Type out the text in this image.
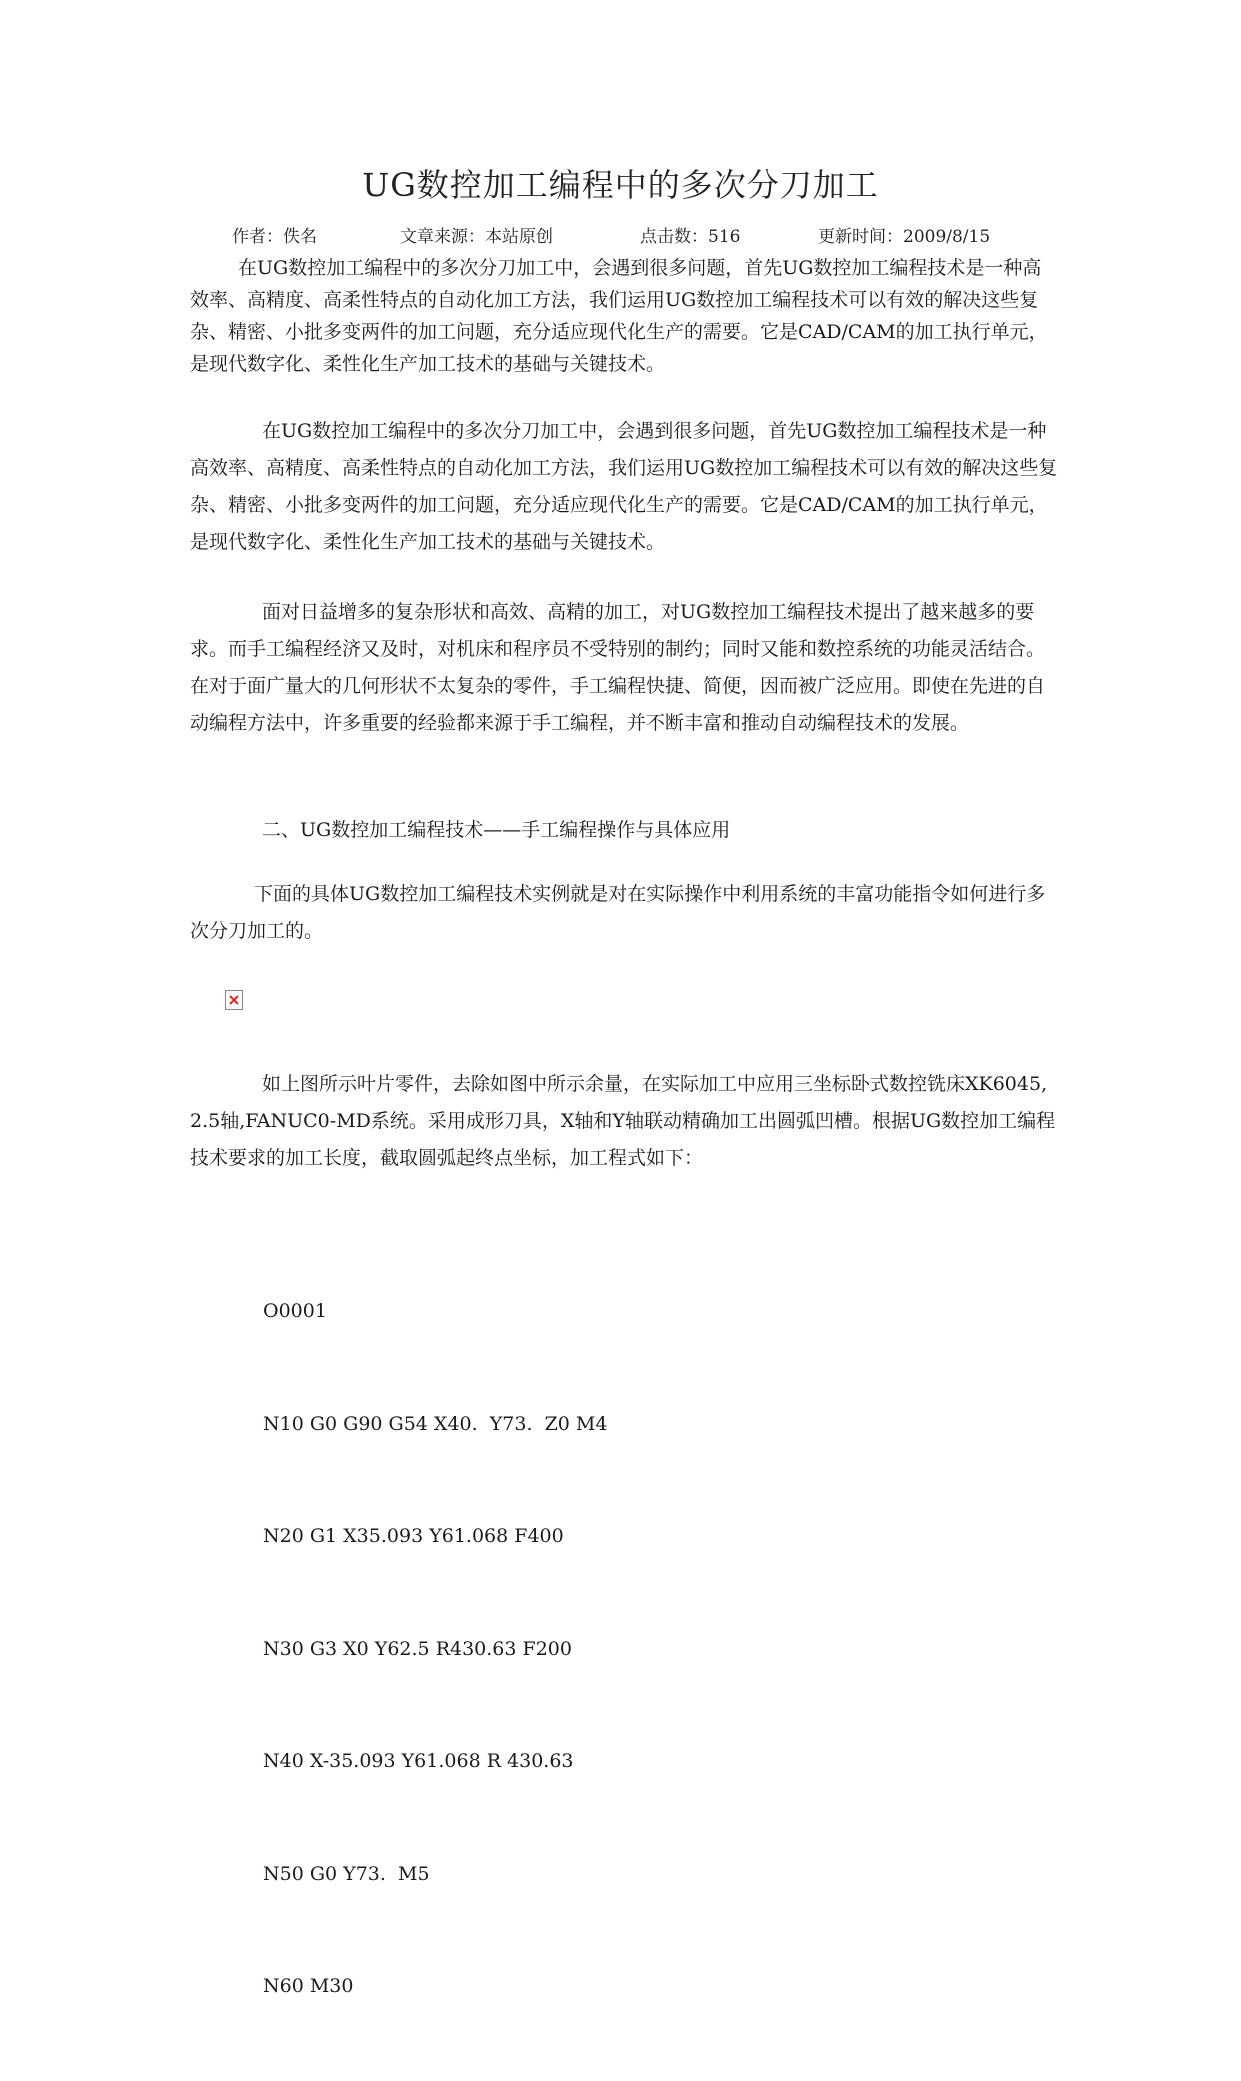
UG数控加工编程中的多次分刀加工
作者：佚名	文章来源：本站原创	点击数：516	更新时间：2009/8/15
在UG数控加工编程中的多次分刀加工中，会遇到很多问题，首先UG数控加工编程技术是一种高效率、高精度、高柔性特点的自动化加工方法，我们运用UG数控加工编程技术可以有效的解决这些复杂、精密、小批多变两件的加工问题，充分适应现代化生产的需要。它是CAD/CAM的加工执行单元，是现代数字化、柔性化生产加工技术的基础与关键技术。
在UG数控加工编程中的多次分刀加工中，会遇到很多问题，首先UG数控加工编程技术是一种高效率、高精度、高柔性特点的自动化加工方法，我们运用UG数控加工编程技术可以有效的解决这些复杂、精密、小批多变两件的加工问题，充分适应现代化生产的需要。它是CAD/CAM的加工执行单元，是现代数字化、柔性化生产加工技术的基础与关键技术。
面对日益增多的复杂形状和高效、高精的加工，对UG数控加工编程技术提出了越来越多的要求。而手工编程经济又及时，对机床和程序员不受特别的制约；同时又能和数控系统的功能灵活结合。在对于面广量大的几何形状不太复杂的零件，手工编程快捷、简便，因而被广泛应用。即使在先进的自动编程方法中，许多重要的经验都来源于手工编程，并不断丰富和推动自动编程技术的发展。
二、UG数控加工编程技术——手工编程操作与具体应用
下面的具体UG数控加工编程技术实例就是对在实际操作中利用系统的丰富功能指令如何进行多次分刀加工的。
如上图所示叶片零件，去除如图中所示余量，在实际加工中应用三坐标卧式数控铣床XK6045,2.5轴,FANUC0-MD系统。采用成形刀具，X轴和Y轴联动精确加工出圆弧凹槽。根据UG数控加工编程技术要求的加工长度，截取圆弧起终点坐标，加工程式如下：

O0001

N10 G0 G90 G54 X40.  Y73.  Z0 M4

N20 G1 X35.093 Y61.068 F400

N30 G3 X0 Y62.5 R430.63 F200

N40 X-35.093 Y61.068 R 430.63

N50 G0 Y73.  M5

N60 M30
